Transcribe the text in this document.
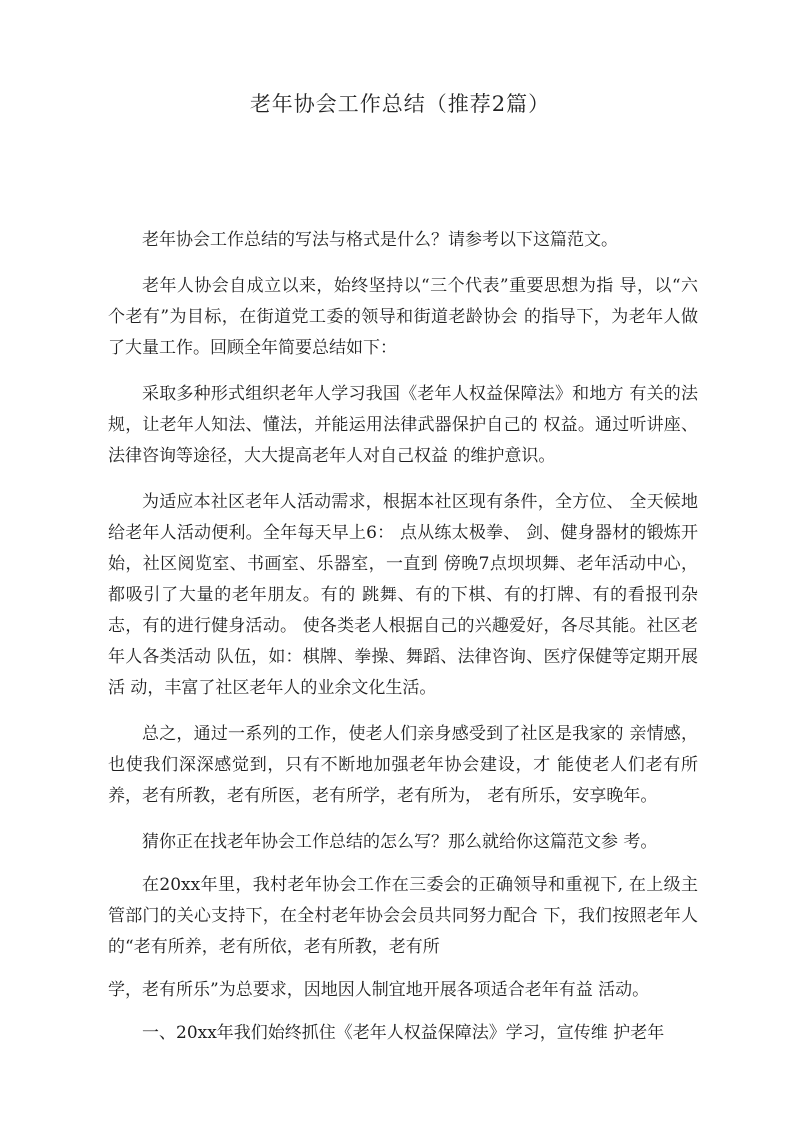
老年协会工作总结（推荐2篇）

老年协会工作总结的写法与格式是什么？请参考以下这篇范文。

老年人协会自成立以来，始终坚持以“三个代表”重要思想为指 导，以“六个老有”为目标，在街道党工委的领导和街道老龄协会 的指导下，为老年人做了大量工作。回顾全年简要总结如下：

采取多种形式组织老年人学习我国《老年人权益保障法》和地方 有关的法规，让老年人知法、懂法，并能运用法律武器保护自己的 权益。通过听讲座、法律咨询等途径，大大提高老年人对自己权益 的维护意识。

为适应本社区老年人活动需求，根据本社区现有条件，全方位、 全天候地给老年人活动便利。全年每天早上6： 点从练太极拳、 剑、健身器材的锻炼开始，社区阅览室、书画室、乐器室，一直到 傍晚7点坝坝舞、老年活动中心，都吸引了大量的老年朋友。有的 跳舞、有的下棋、有的打牌、有的看报刊杂志，有的进行健身活动。 使各类老人根据自己的兴趣爱好，各尽其能。社区老年人各类活动 队伍，如：棋牌、拳操、舞蹈、法律咨询、医疗保健等定期开展活 动，丰富了社区老年人的业余文化生活。

总之，通过一系列的工作，使老人们亲身感受到了社区是我家的 亲情感，也使我们深深感觉到，只有不断地加强老年协会建设，才 能使老人们老有所养，老有所教，老有所医，老有所学，老有所为， 老有所乐，安享晚年。

猜你正在找老年协会工作总结的怎么写？那么就给你这篇范文参 考。

在20xx年里，我村老年协会工作在三委会的正确领导和重视下, 在上级主管部门的关心支持下，在全村老年协会会员共同努力配合 下，我们按照老年人的“老有所养，老有所依，老有所教，老有所

学，老有所乐”为总要求，因地因人制宜地开展各项适合老年有益 活动。

一、20xx年我们始终抓住《老年人权益保障法》学习，宣传维 护老年
